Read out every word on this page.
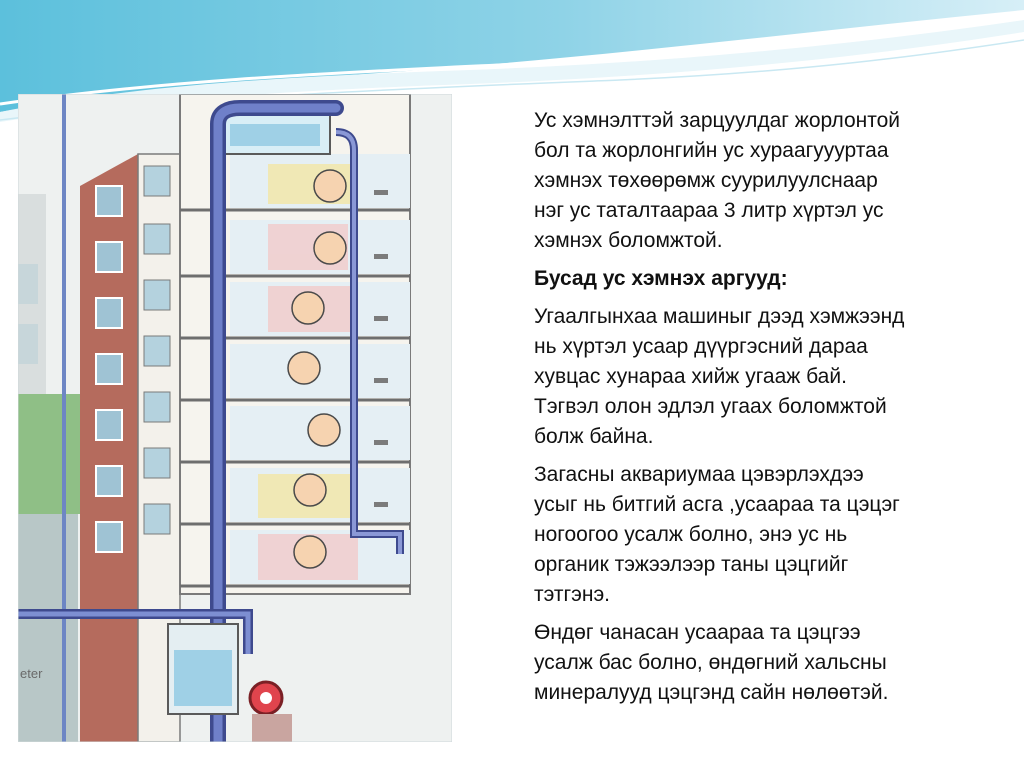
eter
Ус хэмнэлттэй зарцуулдаг жорлонтой
бол та жорлонгийн ус хураагуууртаа
хэмнэх төхөөрөмж суурилуулснаар
нэг ус таталтаараа 3 литр хүртэл ус
хэмнэх боломжтой.
Бусад ус хэмнэх аргууд:
Угаалгынхаа машиныг дээд хэмжээнд
нь хүртэл усаар дүүргэсний дараа
хувцас хунараа хийж угааж бай.
Тэгвэл олон эдлэл угаах боломжтой
болж байна.
Загасны аквариумаа цэвэрлэхдээ
усыг нь битгий асга ,усаараа та цэцэг
ногоогоо усалж болно, энэ ус нь
органик тэжээлээр таны цэцгийг
тэтгэнэ.
Өндөг чанасан усаараа та цэцгээ
усалж бас болно, өндөгний хальсны
минералууд цэцгэнд сайн нөлөөтэй.
